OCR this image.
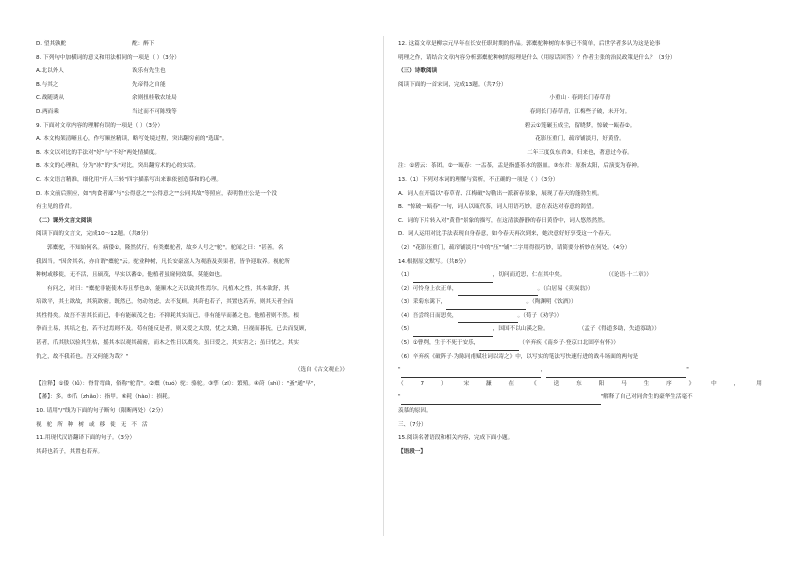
D. 望其孰酡	酡：醉下
8. 下列句中加横词的意义和用法相同的一项是（ ）（3分）
A.北以外人	诶乐有先生也
B.与其之	先帝得之自能
C.战随诱从	余则扭桂敬农址局
D.两而乘	当过而不可陈残等
9. 下面对文章内容的理解有误的一项是（ ）（3分）
A. 本文构架清晰且心，作写顺丝精读，略写处境过程，突出翻穷前的"选谋"。
B. 本文以对比的手法对"好"与"不好"两处情描度。
B. 本文的心理和，分为"冰"的"头"对比，突出翻穷术的心的实话。
C. 本文语言精准，细化用"开人三转"四字描系写出来谁依创造慕和的心理。
D. 本文前后照应，如"肉食者鄙"与"公得意之""公得意之""公同其故"等照应，表明鲁庄公是一个没
有主见的昏君。
（二）课外文言文阅读
阅读下面的文言文，完成10～12题。（共8分）
郭橐驼，不知始何名。病偻①，隆然伏行，有类橐驼者，故乡人号之"驼"。驼闻之曰："甚善。名
我固当。"因舍其名，亦自谓"橐驼"云。驼业种树，凡长安豪富人为观游及卖果者，皆争迎取养。视驼所
种树或移徙，无不活，且硕茂，早实以蕃②。他植者虽窥伺效慕，莫能如也。
有问之，对曰："橐驼非能使木寿且孳也③，能顺木之天以致其性焉尔。凡植木之性，其本欲舒，其
培欲平，其土欲故，其筑欲密。既然已，勿动勿虑，去不复顾。其莳也若子，其置也若弃，则其天者全而
其性得矣。故吾不害其长而已，非有能硕茂之也；不抑耗其实而已，非有能早而蕃之也。他植者则不然。根
拳而土易，其培之也，若不过焉则不及。苟有能反是者，则又爱之太殷，忧之太勤，旦视而暮抚，已去而复顾，
甚者，爪其肤以验其生枯，摇其本以观其疏密，而木之性日以离矣。虽曰爱之，其实害之；虽曰忧之，其实
仇之，故不我若也。吾又何能为哉？"
（选自《古文观止》）
【注释】①偻（lǚ）：脊背弯曲，俗称"驼背"。②橐（tuó）驼：骆驼。③孳（zī）：繁殖。④莳（shì）："蚤"通"早"，
【蕃】：多。⑤爪（zhǎo）：指甲。⑥耗（hào）：损耗。
10. 请用"/"线为下面的句子断句（限断两处）（2分）
视驼所种树或移徙无不活
11.用现代汉语翻译下面的句子。（3分）
其莳也若子，其置也若弃。
12. 这篇文章是柳宗元早年在长安任职时期的作品。郭橐驼种树的本事已不简单，后世学者多认为这是论事
明理之作，请结合文章内容分析郭橐驼种树的原理是什么（用原话回答）？作者主张的治民政策是什么？（3分）
（三）诗歌阅读
阅读下面的一首宋词，完成13题。（共7分）
小重山 · 春到长门春草青
春到长门春草青，江梅些子破，未开匀。
碧云①笼碾玉成尘，留晓梦，惊破一瓯春②。
花影压重门，疏帘铺淡月，好黄昏。
二年三度负东君③，归来也，著意过今春。
注：①碧云：茶团。②一瓯春：一盂茶，盂是指盛茶水的器皿。③东君：原指太阳，后演变为春神。
13.（1）下列对本词的理解与赏析，不正确的一项是（ ）（3分）
A．词人在开篇以"春草青、江梅破"勾勒出一派新春景象，展现了春天的蓬勃生机。
B．"惊破一瓯春"一句，词人以瓯代茶，词人用语巧妙，意在表达对春意的渴望。
C．词的下片转入对"黄昏"景象的描写，在这清淡静静的春日黄昏中，词人悠然然然。
D．词人运用对比手法表现自身春意，如今春天再次到来，她决意好好享受这一个春天。
（2）"花影压重门，疏帘铺淡月"中的"压""铺"二字用得很巧妙，请简要分析妙在何处。（4分）
14.根据原文默写。（共8分）
（1）	，切问而近思，仁在其中矣。	（《论语·十二章》）
（2）可怜身上衣正单，	。（白居易《卖炭翁》）
（3）采菊东篱下，	。（陶渊明《饮酒》）
（4）吾尝终日而思矣，	。（荀子《劝学》）
（5）	，国国不以山溪之险。	（孟子《得道多助，失道寡助》）
（5）①曹刿，生于不死于安乐，	（辛弃疾《南乡子·登京口北固亭有怀》）
（6）辛弃疾《破阵子·为陈同甫赋壮词以寄之》中，以写实的笔法写快速行进的战斗场面的两句是
"	，	"
（	7	）	宋	濂	在	《	送	东	阳	马	生	序	》	中	，	用
"	"解释了自己对同舍生的豪华生活毫不
羡慕的原因。
三、（7分）
15.阅读名著语段和相关内容，完成下面小题。
【语段一】
